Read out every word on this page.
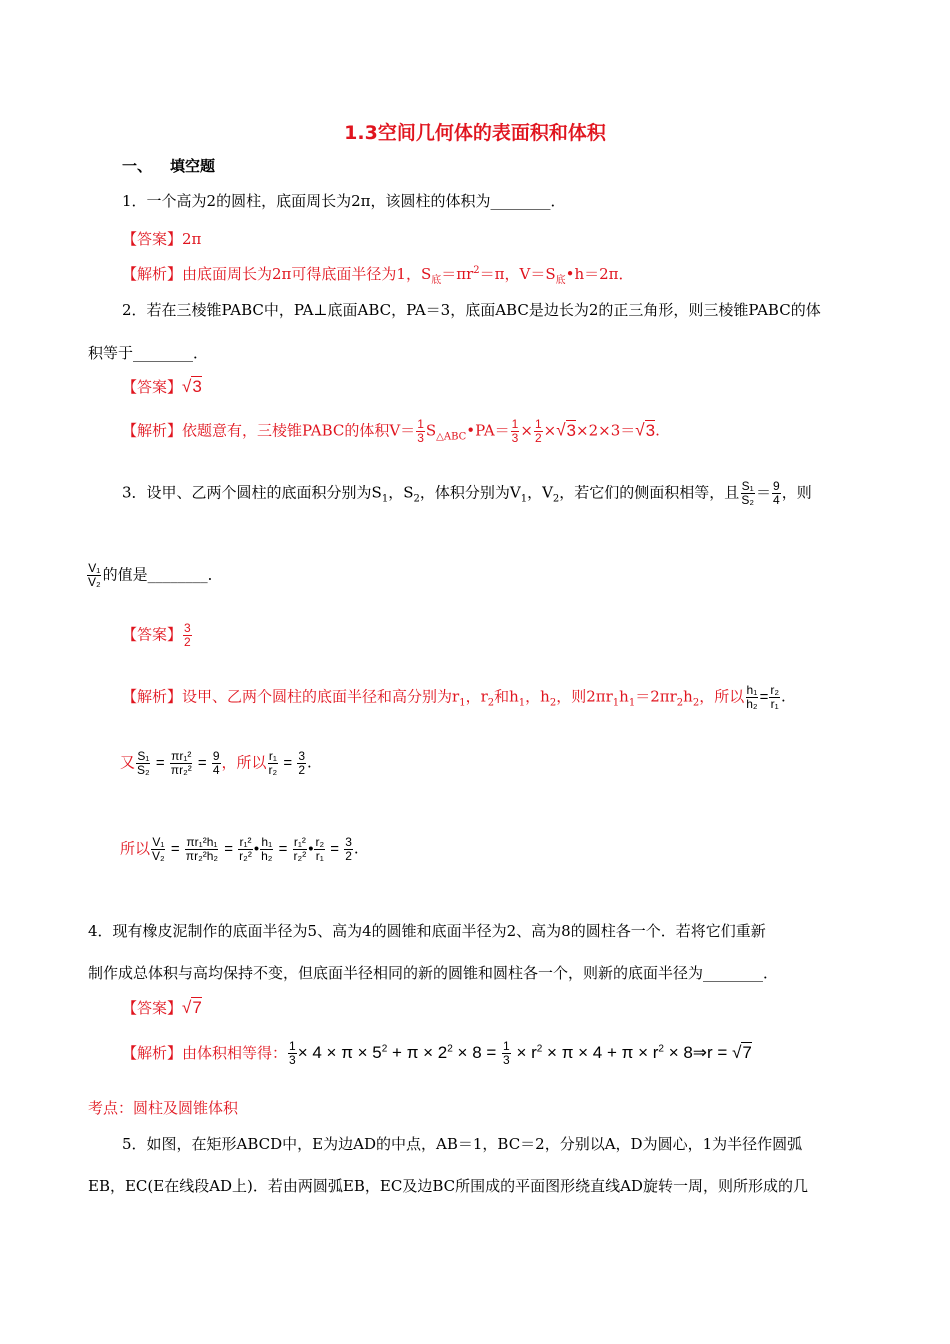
1.3空间几何体的表面积和体积
一、 填空题
1．一个高为2的圆柱，底面周长为2π，该圆柱的体积为________．
【答案】2π
【解析】由底面周长为2π可得底面半径为1，$S_底=\pi r^2=\pi$，$V=S_底•h=2\pi$．
2．若在三棱锥PABC中，PA⊥底面ABC，PA＝3，底面ABC是边长为2的正三角形，则三棱锥PABC的体
积等于________．
【答案】√3
【解析】依题意有，三棱锥PABC的体积$V= \frac{1}{3}$ $S_{\triangle ABC}•PA= \frac{1}{3} \times \frac{1}{2} \times√3\times 2\times 3=√3$.
3．设甲、乙两个圆柱的底面积分别为$S_1$，$S_2$，体积分别为$V_1$，$V_2$，若它们的侧面积相等，且 $\frac{\text{S₁}}{\text{S₂}} = \frac{9}{4}$ ，则
$\frac{\text{V₁}}{\text{V₂}}$ 的值是________．
【答案】 $\frac{3}{2}$
【解析】设甲、乙两个圆柱的底面半径和高分别为$r_1$，$r_2$和$h_1$，$h_2$，则$2\pi r_1h_1=2\pi r_2h_2$，所以 $\frac{\text{h₁}}{\text{h₂}} = \frac{\text{r₂}}{\text{r₁}}$ .
又 $\frac{\text{S₁}}{\text{S₂}} = \frac{\text{πr₁²}}{\text{πr₂²}} = \frac{9}{4}$ ，所以 $\frac{\text{r₁}}{\text{r₂}} = \frac{3}{2}$ .
所以 $\frac{\text{V₁}}{\text{V₂}} = \frac{\text{πr₁²h₁}}{\text{πr₂²h₂}} = \frac{\text{r₁²}}{\text{r₂²}}$ • $\frac{\text{h₁}}{\text{h₂}} = \frac{\text{r₁²}}{\text{r₂²}}$ • $\frac{\text{r₂}}{\text{r₁}} = \frac{3}{2}$ .
4．现有橡皮泥制作的底面半径为5、高为4的圆锥和底面半径为2、高为8的圆柱各一个．若将它们重新
制作成总体积与高均保持不变，但底面半径相同的新的圆锥和圆柱各一个，则新的底面半径为________．
【答案】√7
【解析】由体积相等得： $\frac{1}{3} \times 4 \times \pi \times 5^2 + \pi \times 2^2 \times 8 = \frac{1}{3} \times r^2 \times \pi \times 4 + \pi \times r^2$ × 8⇒r = √7
考点：圆柱及圆锥体积
5．如图，在矩形ABCD中，E为边AD的中点，AB＝1，BC＝2，分别以A，D为圆心，1为半径作圆弧
EB，EC(E在线段AD上)．若由两圆弧EB，EC及边BC所围成的平面图形绕直线AD旋转一周，则所形成的几
